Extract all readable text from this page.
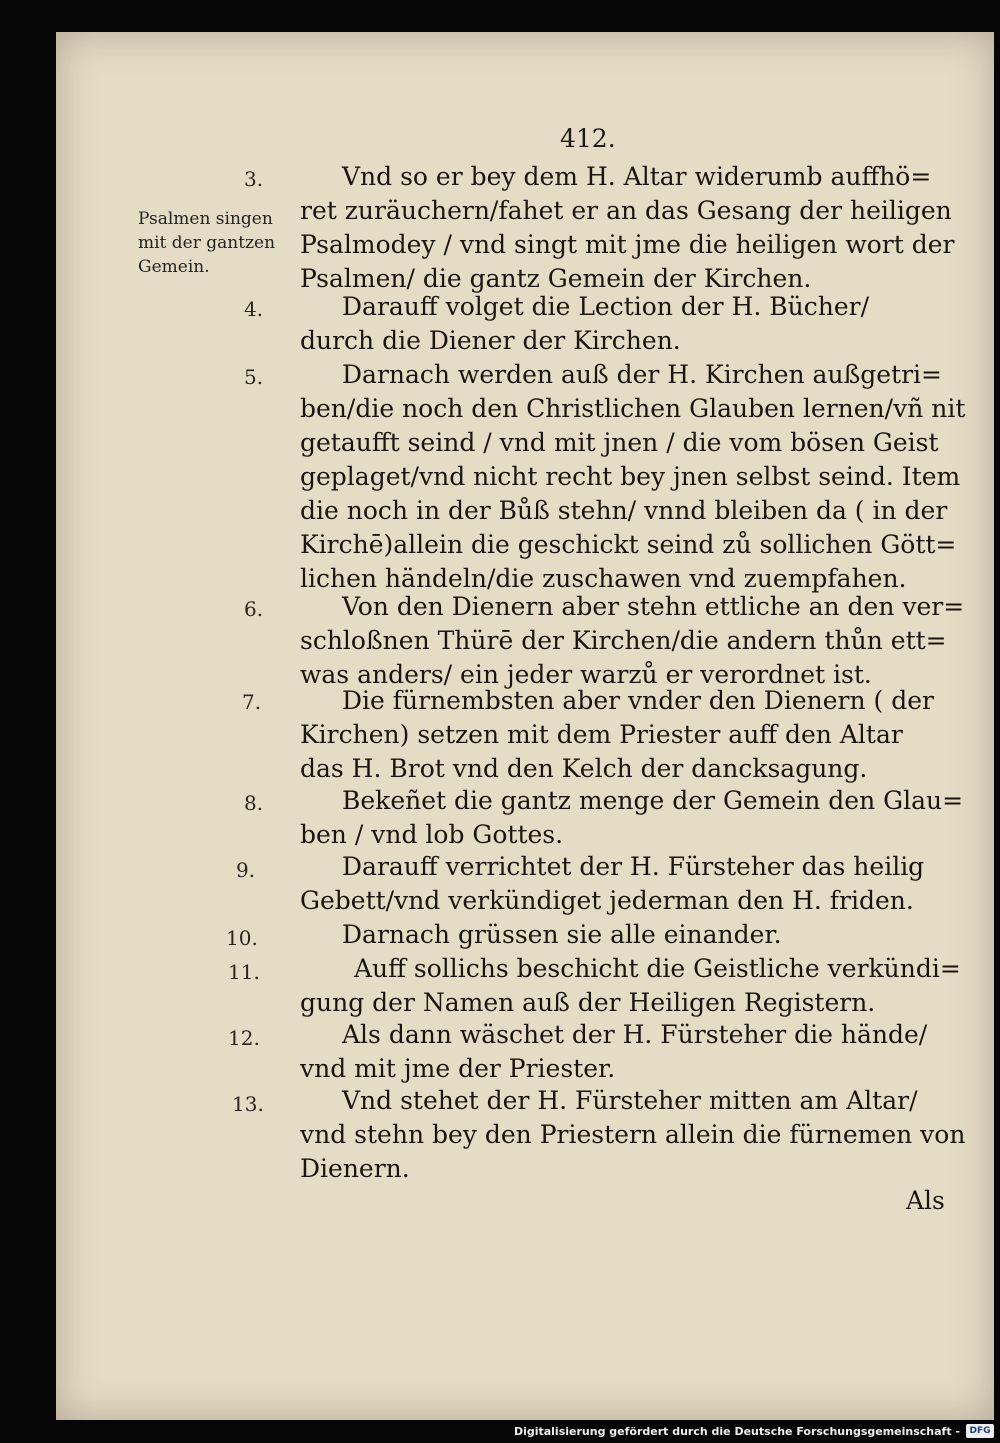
412.
Psalmen singen
mit der gantzen
Gemein.
3.	Vnd so er bey dem H. Altar widerumb auffhö=
ret zuräuchern/fahet er an das Gesang der heiligen
Psalmodey / vnd singt mit jme die heiligen wort der
Psalmen/ die gantz Gemein der Kirchen.
4.	Darauff volget die Lection der H. Bücher/
durch die Diener der Kirchen.
5.	Darnach werden auß der H. Kirchen außgetri=
ben/die noch den Christlichen Glauben lernen/vñ nit
getaufft seind / vnd mit jnen / die vom bösen Geist
geplaget/vnd nicht recht bey jnen selbst seind. Item
die noch in der Bůß stehn/ vnnd bleiben da ( in der
Kirchē)allein die geschickt seind zů sollichen Gött=
lichen händeln/die zuschawen vnd zuempfahen.
6.	Von den Dienern aber stehn ettliche an den ver=
schloßnen Thürē der Kirchen/die andern thůn ett=
was anders/ ein jeder warzů er verordnet ist.
7.	Die fürnembsten aber vnder den Dienern ( der
Kirchen) setzen mit dem Priester auff den Altar
das H. Brot vnd den Kelch der dancksagung.
8.	Bekeñet die gantz menge der Gemein den Glau=
ben / vnd lob Gottes.
9.	Darauff verrichtet der H. Fürsteher das heilig
Gebett/vnd verkündiget jederman den H. friden.
10.	Darnach grüssen sie alle einander.
11.	Auff sollichs beschicht die Geistliche verkündi=
gung der Namen auß der Heiligen Registern.
12.	Als dann wäschet der H. Fürsteher die hände/
vnd mit jme der Priester.
13.	Vnd stehet der H. Fürsteher mitten am Altar/
vnd stehn bey den Priestern allein die fürnemen von
Dienern.
Als
Digitalisierung gefördert durch die Deutsche Forschungsgemeinschaft -	DFG
